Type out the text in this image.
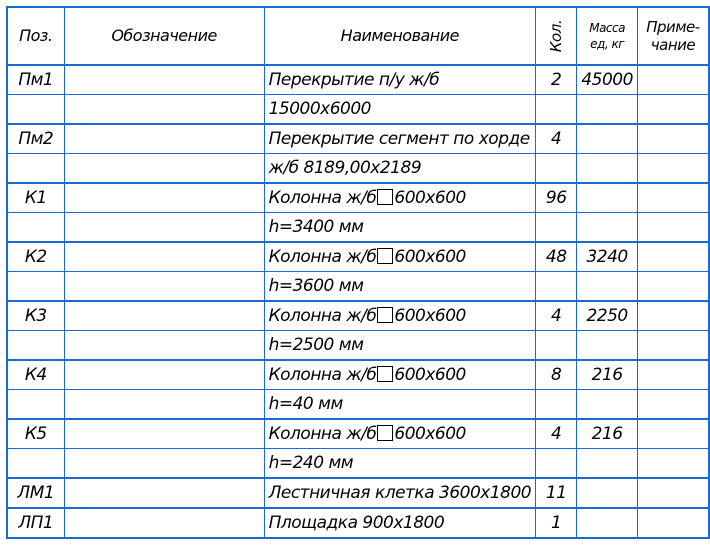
Поз.	Обозначение	Наименование	Кол.	Масса ед, кг	Приме-чание
Пм1		Перекрытие п/у ж/б	2	45000	
		15000х6000			
Пм2		Перекрытие сегмент по хорде	4		
		ж/б 8189,00х2189			
К1		Колонна ж/б 600х600	96		
		h=3400 мм			
К2		Колонна ж/б 600х600	48	3240	
		h=3600 мм			
К3		Колонна ж/б 600х600	4	2250	
		h=2500 мм			
К4		Колонна ж/б 600х600	8	216	
		h=40 мм			
К5		Колонна ж/б 600х600	4	216	
		h=240 мм			
ЛМ1		Лестничная клетка 3600х1800	11		
ЛП1		Площадка 900х1800	1		
